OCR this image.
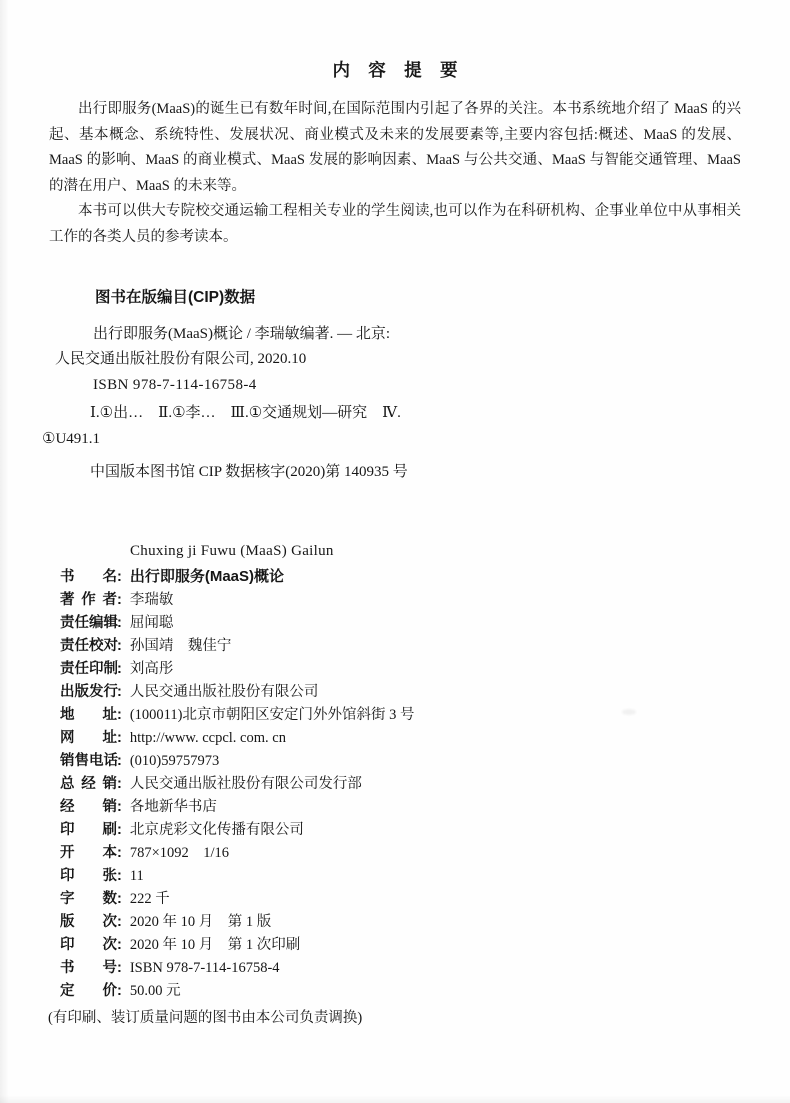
内容提要

出行即服务(MaaS)的诞生已有数年时间,在国际范围内引起了各界的关注。本书系统地介绍了 MaaS 的兴起、基本概念、系统特性、发展状况、商业模式及未来的发展要素等,主要内容包括:概述、MaaS 的发展、MaaS 的影响、MaaS 的商业模式、MaaS 发展的影响因素、MaaS 与公共交通、MaaS 与智能交通管理、MaaS 的潜在用户、MaaS 的未来等。

本书可以供大专院校交通运输工程相关专业的学生阅读,也可以作为在科研机构、企事业单位中从事相关工作的各类人员的参考读本。

图书在版编目(CIP)数据
出行即服务(MaaS)概论 / 李瑞敏编著. — 北京:
人民交通出版社股份有限公司, 2020.10
ISBN 978-7-114-16758-4
Ⅰ.①出…　Ⅱ.①李…　Ⅲ.①交通规划—研究　Ⅳ.
①U491.1
中国版本图书馆 CIP 数据核字(2020)第 140935 号
Chuxing ji Fuwu (MaaS) Gailun
书名: 出行即服务(MaaS)概论
著作者: 李瑞敏
责任编辑: 屈闻聪
责任校对: 孙国靖　魏佳宁
责任印制: 刘高彤
出版发行: 人民交通出版社股份有限公司
地址: (100011)北京市朝阳区安定门外外馆斜街 3 号
网址: http://www. ccpcl. com. cn
销售电话: (010)59757973
总经销: 人民交通出版社股份有限公司发行部
经销: 各地新华书店
印刷: 北京虎彩文化传播有限公司
开本: 787×1092　1/16
印张: 11
字数: 222 千
版次: 2020 年 10 月　第 1 版
印次: 2020 年 10 月　第 1 次印刷
书号: ISBN 978-7-114-16758-4
定价: 50.00 元
(有印刷、装订质量问题的图书由本公司负责调换)
